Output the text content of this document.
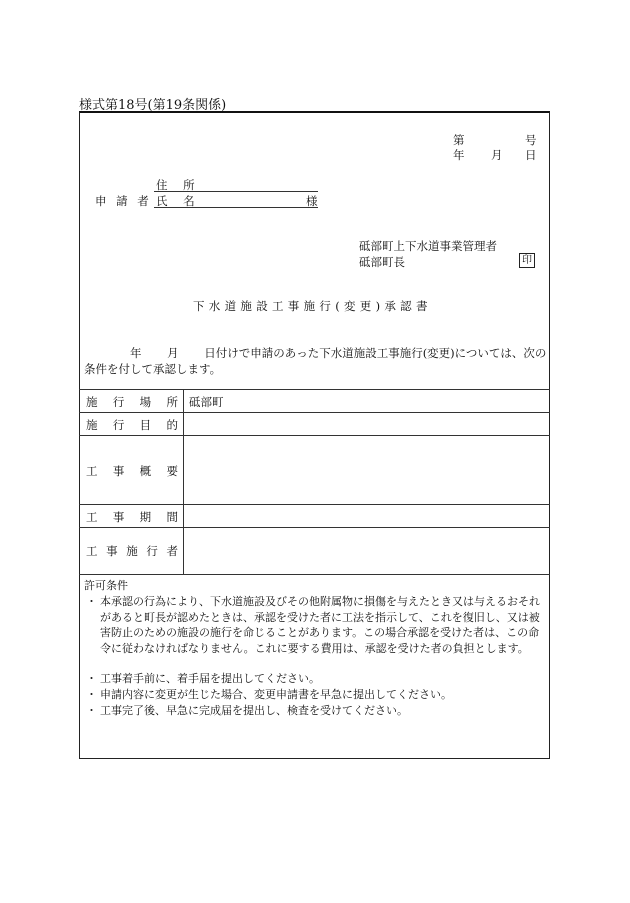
様式第18号(第19条関係)
第	号
年 月 日
住 所
申 請 者 氏 名	様
砥部町上下水道事業管理者
砥部町長	印
下水道施設工事施行(変更)承認書
年 月 日付けで申請のあった下水道施設工事施行(変更)については、次の
条件を付して承認します。
施 行 場 所 砥部町
施 行 目 的
工 事 概 要
工 事 期 間
工 事 施 行 者
許可条件
・ 本承認の行為により、下水道施設及びその他附属物に損傷を与えたとき又は与えるおそれがあると町長が認めたときは、承認を受けた者に工法を指示して、これを復旧し、又は被害防止のための施設の施行を命じることがあります。この場合承認を受けた者は、この命令に従わなければなりません。これに要する費用は、承認を受けた者の負担とします。
・ 工事着手前に、着手届を提出してください。
・ 申請内容に変更が生じた場合、変更申請書を早急に提出してください。
・ 工事完了後、早急に完成届を提出し、検査を受けてください。
